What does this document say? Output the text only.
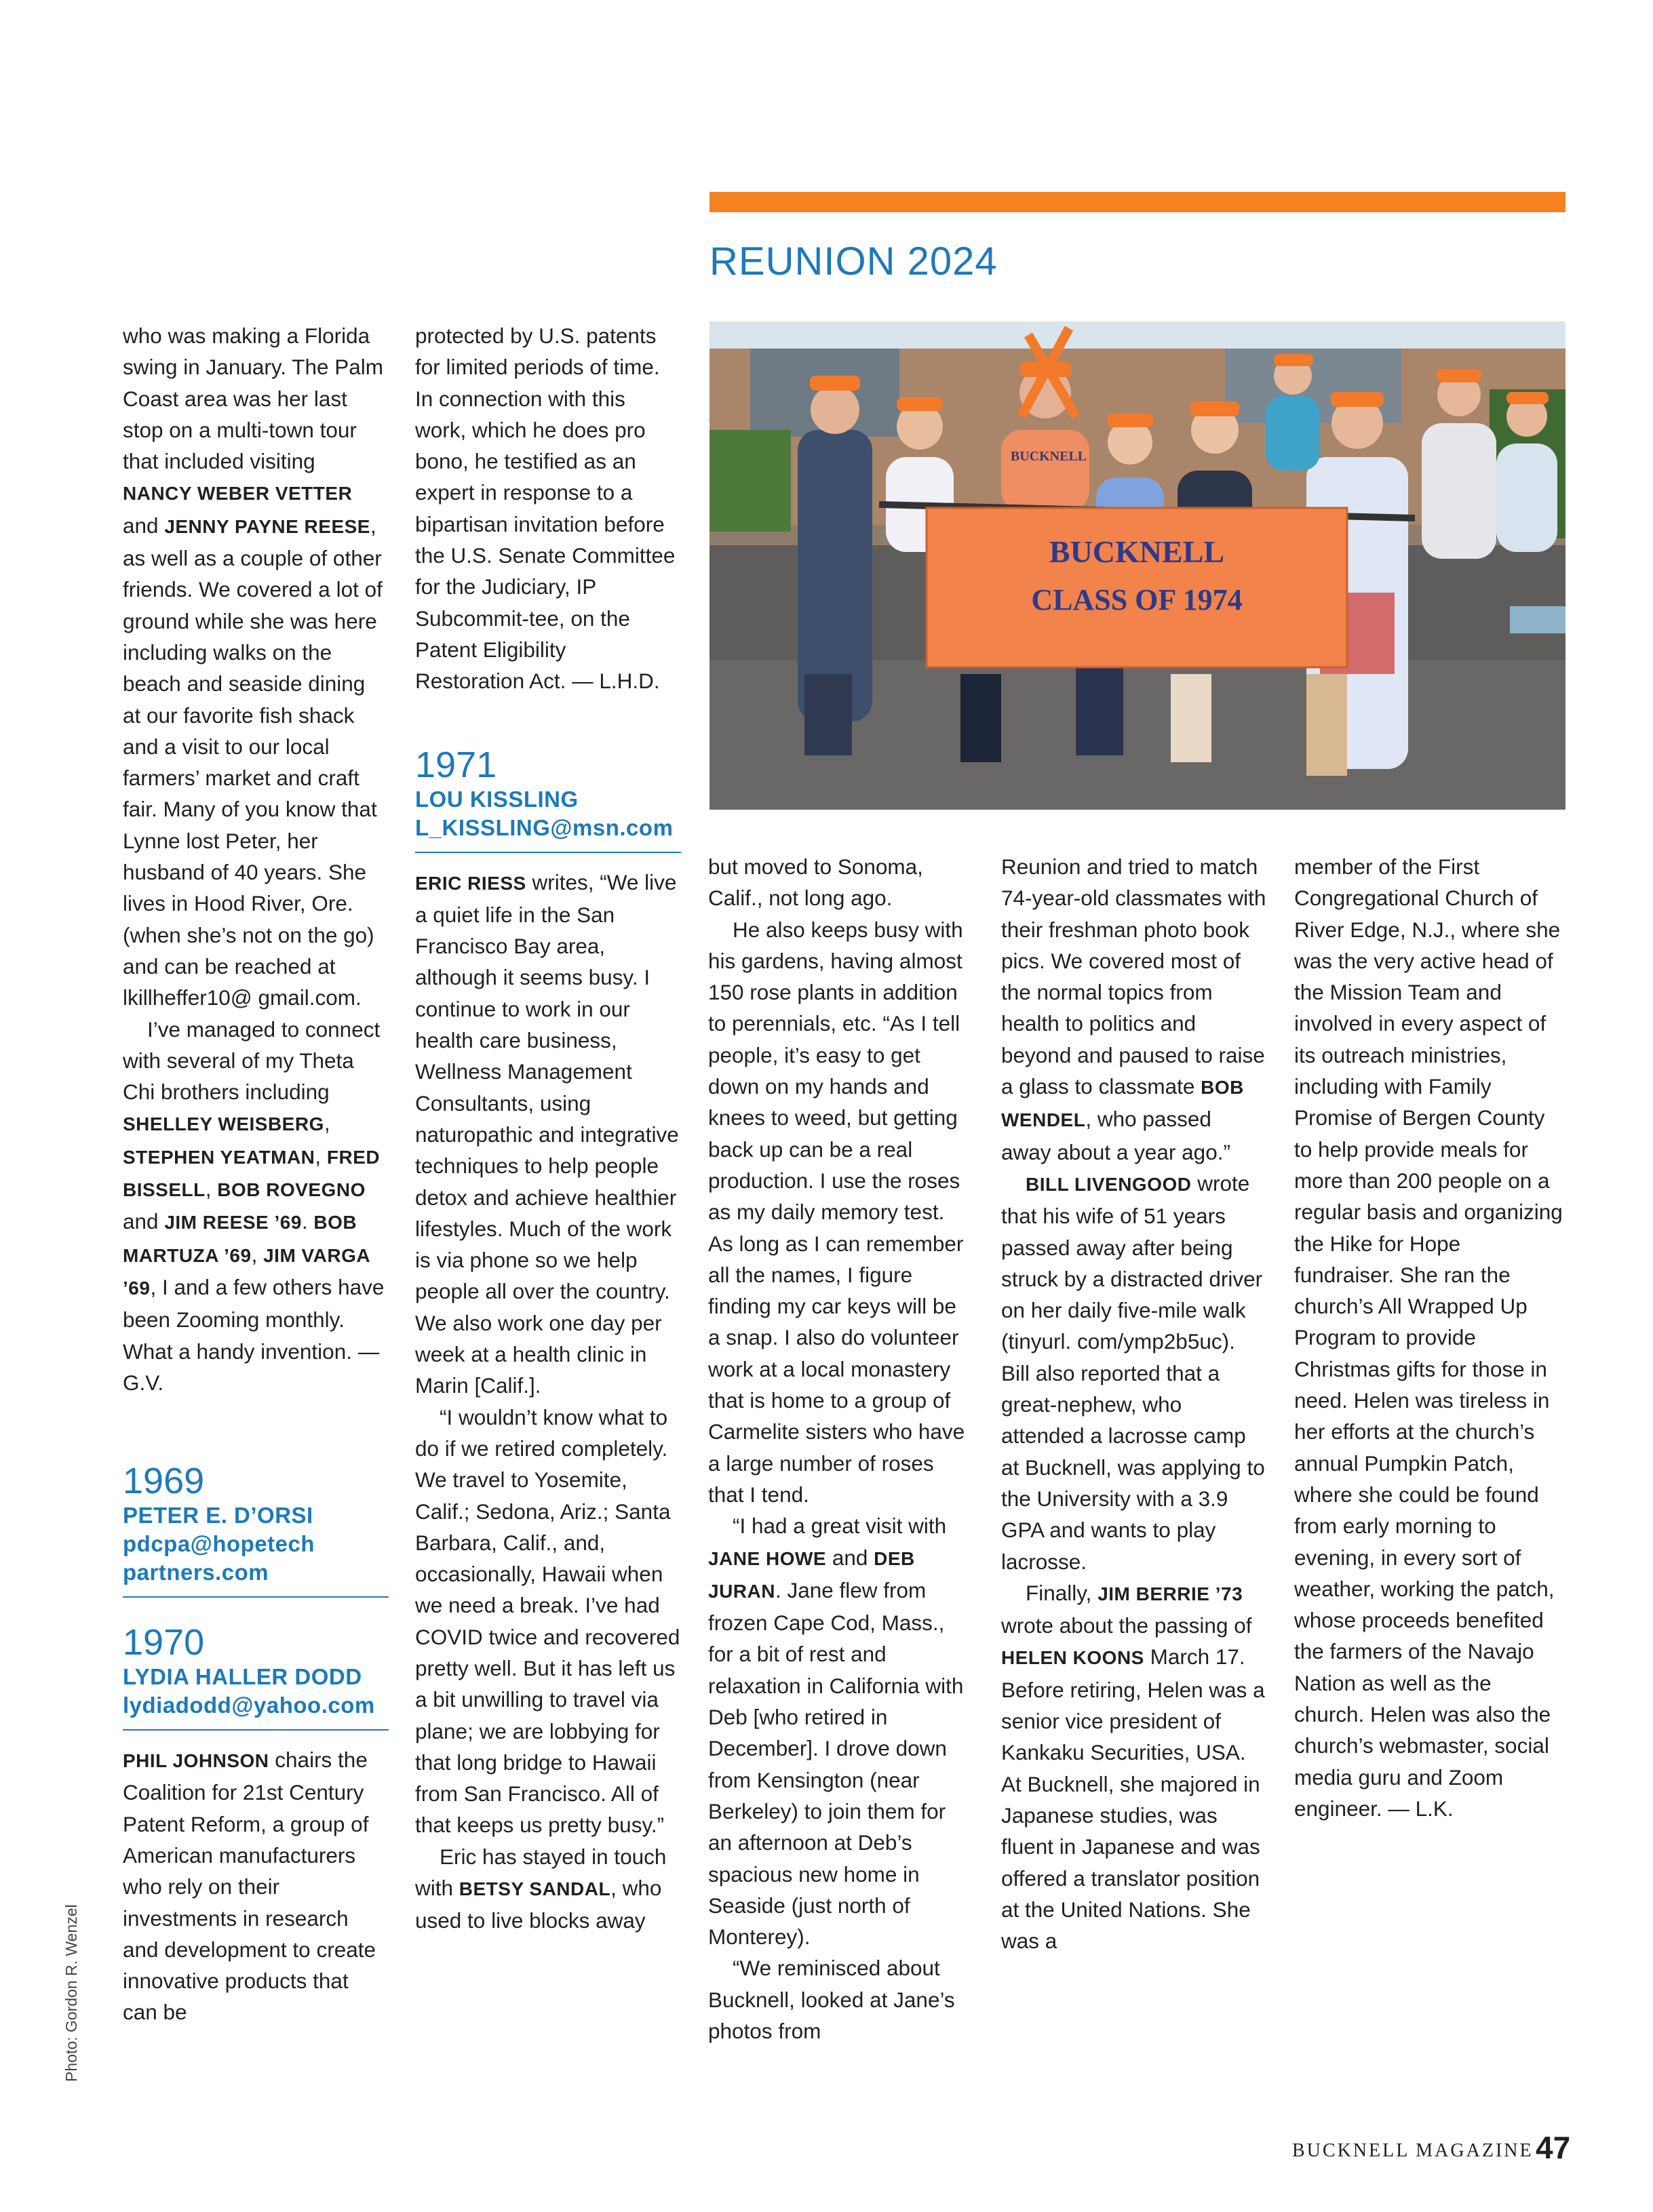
REUNION 2024
BUCKNELL
CLASS OF 1974
BUCKNELL

who was making a Florida swing in January. The Palm Coast area was her last stop on a multi-town tour that included visiting NANCY WEBER VETTER and JENNY PAYNE REESE, as well as a couple of other friends. We covered a lot of ground while she was here including walks on the beach and seaside dining at our favorite fish shack and a visit to our local farmers’ market and craft fair. Many of you know that Lynne lost Peter, her husband of 40 years. She lives in Hood River, Ore. (when she’s not on the go) and can be reached at lkillheffer10@ gmail.com.

I’ve managed to connect with several of my Theta Chi brothers including SHELLEY WEISBERG, STEPHEN YEATMAN, FRED BISSELL, BOB ROVEGNO and JIM REESE ’69. BOB MARTUZA ’69, JIM VARGA ’69, I and a few others have been Zooming monthly. What a handy invention. — G.V.

1969

PETER E. D’ORSI

pdcpa@hopetech partners.com

1970

LYDIA HALLER DODD

lydiadodd@yahoo.com

PHIL JOHNSON chairs the Coalition for 21st Century Patent Reform, a group of American manufacturers who rely on their investments in research and development to create innovative products that can be

protected by U.S. patents for limited periods of time. In connection with this work, which he does pro bono, he testified as an expert in response to a bipartisan invitation before the U.S. Senate Committee for the Judiciary, IP Subcommit-tee, on the Patent Eligibility Restoration Act. — L.H.D.

1971

LOU KISSLING

L_KISSLING@msn.com

ERIC RIESS writes, “We live a quiet life in the San Francisco Bay area, although it seems busy. I continue to work in our health care business, Wellness Management Consultants, using naturopathic and integrative techniques to help people detox and achieve healthier lifestyles. Much of the work is via phone so we help people all over the country. We also work one day per week at a health clinic in Marin [Calif.].

“I wouldn’t know what to do if we retired completely. We travel to Yosemite, Calif.; Sedona, Ariz.; Santa Barbara, Calif., and, occasionally, Hawaii when we need a break. I’ve had COVID twice and recovered pretty well. But it has left us a bit unwilling to travel via plane; we are lobbying for that long bridge to Hawaii from San Francisco. All of that keeps us pretty busy.”

Eric has stayed in touch with BETSY SANDAL, who used to live blocks away

but moved to Sonoma, Calif., not long ago.

He also keeps busy with his gardens, having almost 150 rose plants in addition to perennials, etc. “As I tell people, it’s easy to get down on my hands and knees to weed, but getting back up can be a real production. I use the roses as my daily memory test. As long as I can remember all the names, I figure finding my car keys will be a snap. I also do volunteer work at a local monastery that is home to a group of Carmelite sisters who have a large number of roses that I tend.

“I had a great visit with JANE HOWE and DEB JURAN. Jane flew from frozen Cape Cod, Mass., for a bit of rest and relaxation in California with Deb [who retired in December]. I drove down from Kensington (near Berkeley) to join them for an afternoon at Deb’s spacious new home in Seaside (just north of Monterey).

“We reminisced about Bucknell, looked at Jane’s photos from

Reunion and tried to match 74-year-old classmates with their freshman photo book pics. We covered most of the normal topics from health to politics and beyond and paused to raise a glass to classmate BOB WENDEL, who passed away about a year ago.”

BILL LIVENGOOD wrote that his wife of 51 years passed away after being struck by a distracted driver on her daily five-mile walk (tinyurl. com/ymp2b5uc). Bill also reported that a great-nephew, who attended a lacrosse camp at Bucknell, was applying to the University with a 3.9 GPA and wants to play lacrosse.

Finally, JIM BERRIE ’73 wrote about the passing of HELEN KOONS March 17. Before retiring, Helen was a senior vice president of Kankaku Securities, USA. At Bucknell, she majored in Japanese studies, was fluent in Japanese and was offered a translator position at the United Nations. She was a

member of the First Congregational Church of River Edge, N.J., where she was the very active head of the Mission Team and involved in every aspect of its outreach ministries, including with Family Promise of Bergen County to help provide meals for more than 200 people on a regular basis and organizing the Hike for Hope fundraiser. She ran the church’s All Wrapped Up Program to provide Christmas gifts for those in need. Helen was tireless in her efforts at the church’s annual Pumpkin Patch, where she could be found from early morning to evening, in every sort of weather, working the patch, whose proceeds benefited the farmers of the Navajo Nation as well as the church. Helen was also the church’s webmaster, social media guru and Zoom engineer. — L.K.

Photo: Gordon R. Wenzel
BUCKNELL MAGAZINE 47
